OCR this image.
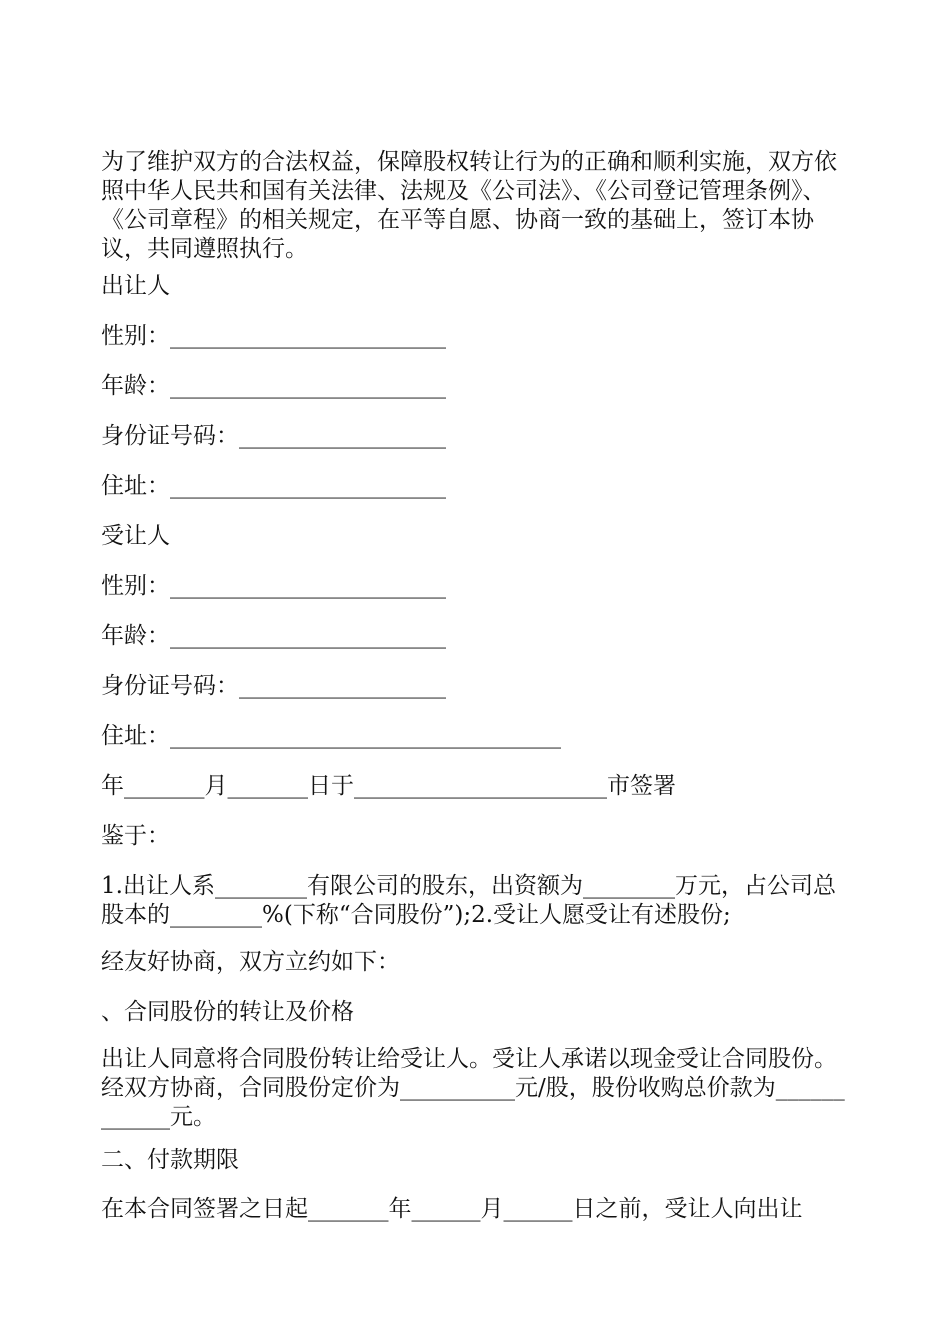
为了维护双方的合法权益，保障股权转让行为的正确和顺利实施，双方依照中华人民共和国有关法律、法规及《公司法》、《公司登记管理条例》、《公司章程》的相关规定，在平等自愿、协商一致的基础上，签订本协议，共同遵照执行。

出让人
性别：________________________
年龄：________________________
身份证号码：__________________
住址：________________________
受让人
性别：________________________
年龄：________________________
身份证号码：__________________
住址：__________________________________
年_______月_______日于______________________市签署
鉴于：

1.出让人系________有限公司的股东，出资额为________万元，占公司总股本的________%(下称“合同股份”);2.受让人愿受让有述股份;

经友好协商，双方立约如下：
、合同股份的转让及价格

出让人同意将合同股份转让给受让人。受让人承诺以现金受让合同股份。经双方协商，合同股份定价为__________元/股，股份收购总价款为____________元。

二、付款期限

在本合同签署之日起_______年______月______日之前，受让人向出让
